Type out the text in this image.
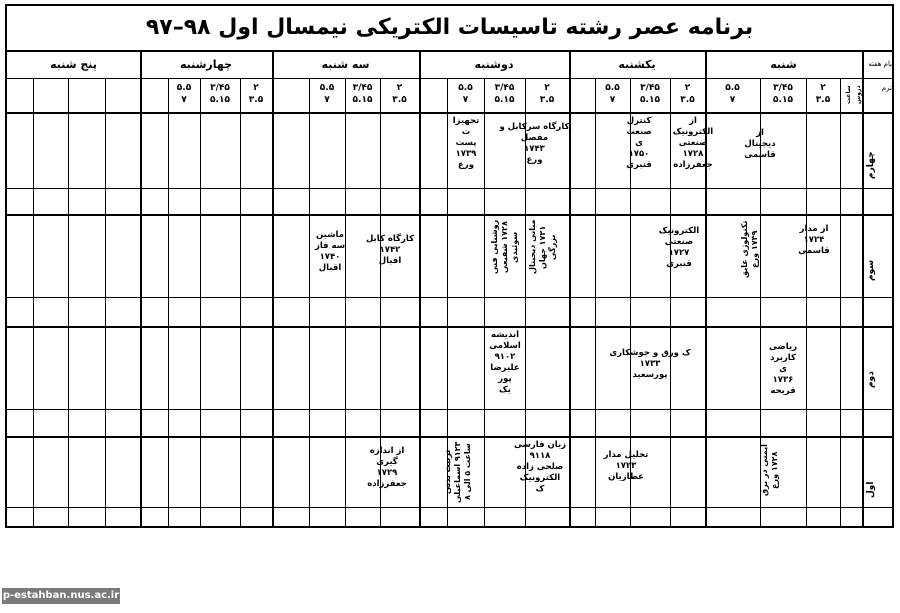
برنامه عصر رشته تاسیسات الکتریکی نیمسال اول ۹۸–۹۷
ایام هفته
ترم
ساعت دروس
شنبه
یکشنبه
دوشنبه
سه شنبه
چهارشنبه
پنج شنبه
۲
۳.۵
۳/۴۵
۵.۱۵
۵.۵
۷
۲
۳.۵
۳/۴۵
۵.۱۵
۵.۵
۷
۲
۳.۵
۳/۴۵
۵.۱۵
۵.۵
۷
۲
۳.۵
۳/۴۵
۵.۱۵
۵.۵
۷
۲
۳.۵
۳/۴۵
۵.۱۵
۵.۵
۷
چهارم
سوم
دوم
اول
از
دیجیتال
قاسمی
از
الکترونیک
صنعتی
۱۷۲۸
جعفرزاده
کنترل
صنعت
ی
۱۷۵۰
قنبری
کارگاه سرکابل و
مفصل
۱۷۴۳
ورع
تجهیزا
ت
پست
۱۷۳۹
ورع
از مدار
۱۷۲۴
قاسمی
تکنولوژی عایق
۱۷۴۹ ورع
الکترونیک
صنعتی
۱۷۲۷
قنبری
مبانی دیجیتال
۱۷۳۱ جهان
بزرگی
روشنایی فنی
۱۷۲۸ شفیعی
سوئیدی
کارگاه کابل
۱۷۴۲
اقبال
ماشین
سه فاز
۱۷۴۰
اقبال
ریاضی
کاربرد
ی
۱۷۳۶
قریحه
ک ورق و جوشکاری
۱۷۳۳
پورسعید
اندیشه
اسلامی
۹۱۰۲
علیرضا
پور
یک
ایمنی در برق
۱۷۲۸ ورع
تحلیل مدار
۱۷۲۳
عطاریان
زبان فارسی
۹۱۱۸
صلحی زاده
الکترونیک
ک
تربیت بدنی
۹۱۲۳ اسماعیلی
ساعت ۵ الی ۸
از اندازه
گیری
۱۷۲۹
جعفرزاده
p-estahban.nus.ac.ir
